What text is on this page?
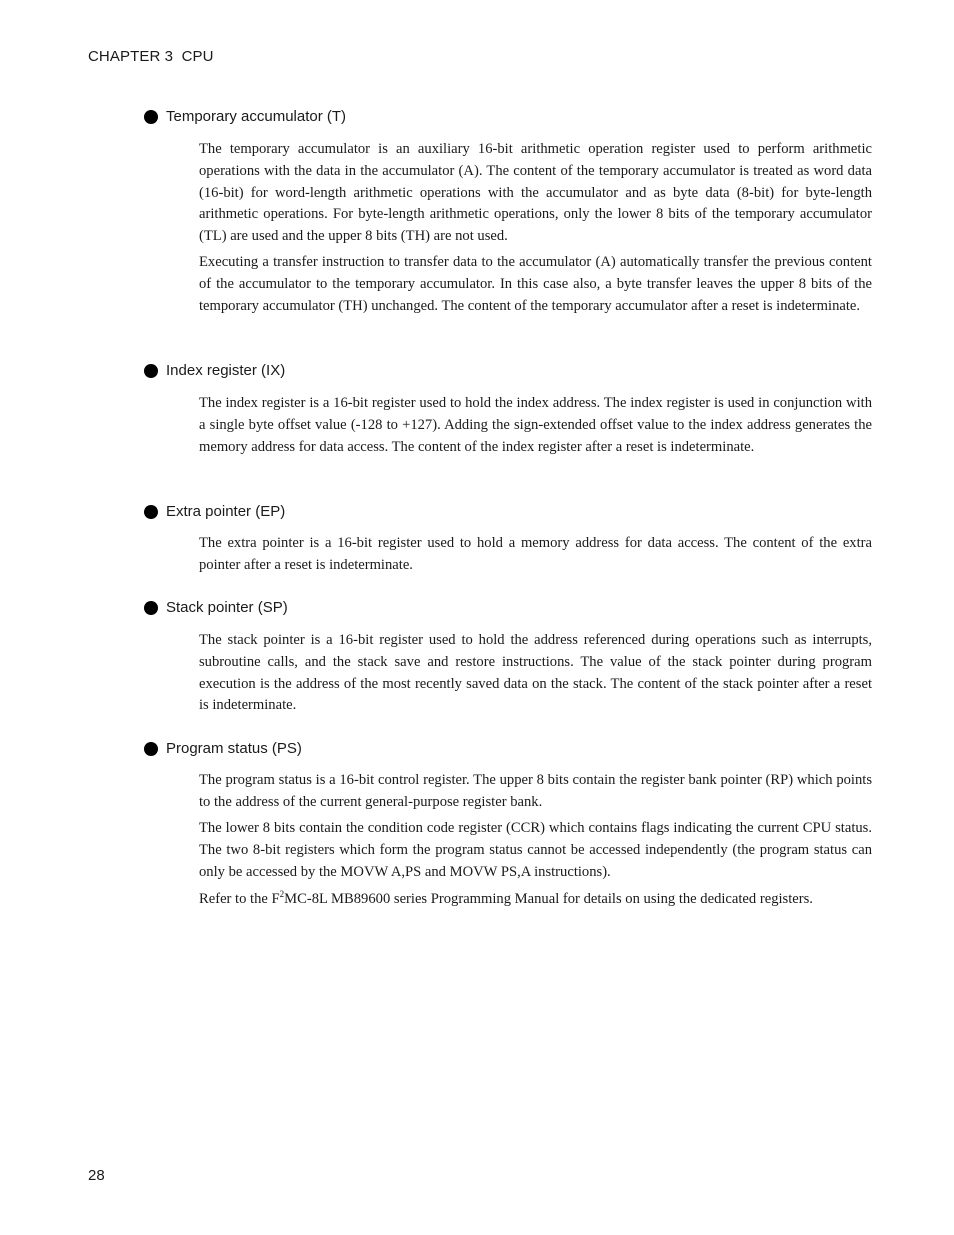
CHAPTER 3  CPU
Temporary accumulator (T)

The temporary accumulator is an auxiliary 16-bit arithmetic operation register used to perform arithmetic operations with the data in the accumulator (A). The content of the temporary accumulator is treated as word data (16-bit) for word-length arithmetic operations with the accumulator and as byte data (8-bit) for byte-length arithmetic operations. For byte-length arithmetic operations, only the lower 8 bits of the temporary accumulator (TL) are used and the upper 8 bits (TH) are not used.

Executing a transfer instruction to transfer data to the accumulator (A) automatically transfer the previous content of the accumulator to the temporary accumulator. In this case also, a byte transfer leaves the upper 8 bits of the temporary accumulator (TH) unchanged. The content of the temporary accumulator after a reset is indeterminate.

Index register (IX)

The index register is a 16-bit register used to hold the index address. The index register is used in conjunction with a single byte offset value (-128 to +127). Adding the sign-extended offset value to the index address generates the memory address for data access. The content of the index register after a reset is indeterminate.

Extra pointer (EP)

The extra pointer is a 16-bit register used to hold a memory address for data access. The content of the extra pointer after a reset is indeterminate.

Stack pointer (SP)

The stack pointer is a 16-bit register used to hold the address referenced during operations such as interrupts, subroutine calls, and the stack save and restore instructions. The value of the stack pointer during program execution is the address of the most recently saved data on the stack. The content of the stack pointer after a reset is indeterminate.

Program status (PS)

The program status is a 16-bit control register. The upper 8 bits contain the register bank pointer (RP) which points to the address of the current general-purpose register bank.

The lower 8 bits contain the condition code register (CCR) which contains flags indicating the current CPU status. The two 8-bit registers which form the program status cannot be accessed independently (the program status can only be accessed by the MOVW A,PS and MOVW PS,A instructions).

Refer to the $F^2MC-8L$ MB89600 series Programming Manual for details on using the dedicated registers.

28
